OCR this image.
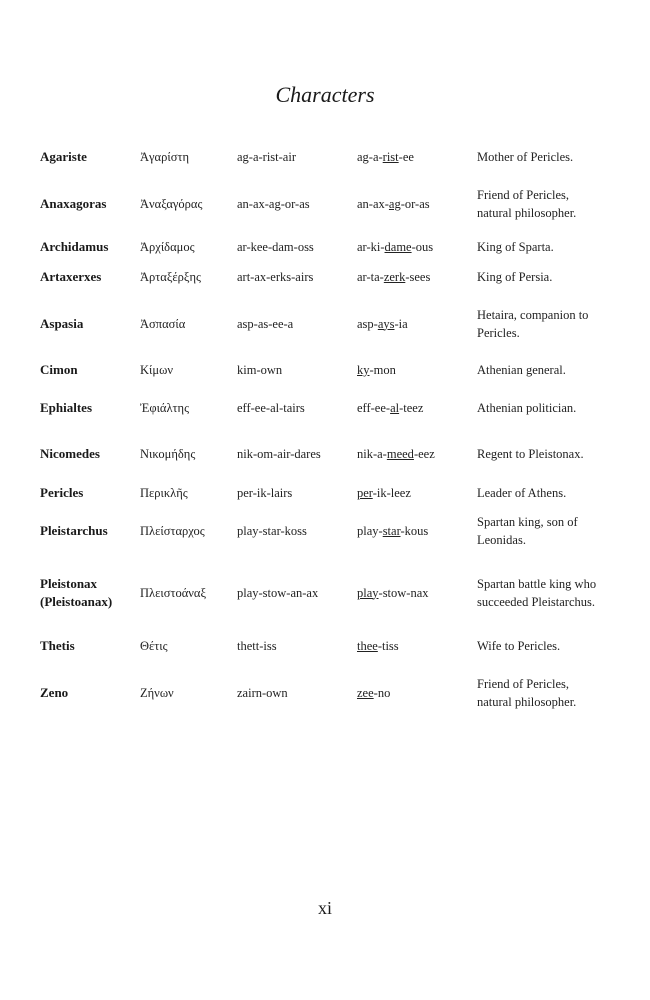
Characters
Agariste	Ἀγαρίστη	ag-a-rist-air	ag-a-rist-ee	Mother of Pericles.
Anaxagoras	Ἀναξαγόρας	an-ax-ag-or-as	an-ax-ag-or-as	Friend of Pericles, natural philosopher.
Archidamus	Ἀρχίδαμος	ar-kee-dam-oss	ar-ki-dame-ous	King of Sparta.
Artaxerxes	Ἀρταξέρξης	art-ax-erks-airs	ar-ta-zerk-sees	King of Persia.
Aspasia	Ἀσπασία	asp-as-ee-a	asp-ays-ia	Hetaira, companion to Pericles.
Cimon	Κίμων	kim-own	ky-mon	Athenian general.
Ephialtes	Ἐφιάλτης	eff-ee-al-tairs	eff-ee-al-teez	Athenian politician.
Nicomedes	Νικομήδης	nik-om-air-dares	nik-a-meed-eez	Regent to Pleistonax.
Pericles	Περικλῆς	per-ik-lairs	per-ik-leez	Leader of Athens.
Pleistarchus	Πλείσταρχος	play-star-koss	play-star-kous	Spartan king, son of Leonidas.
Pleistonax (Pleistoanax)	Πλειστοάναξ	play-stow-an-ax	play-stow-nax	Spartan battle king who succeeded Pleistarchus.
Thetis	Θέτις	thett-iss	thee-tiss	Wife to Pericles.
Zeno	Ζήνων	zairn-own	zee-no	Friend of Pericles, natural philosopher.
xi
